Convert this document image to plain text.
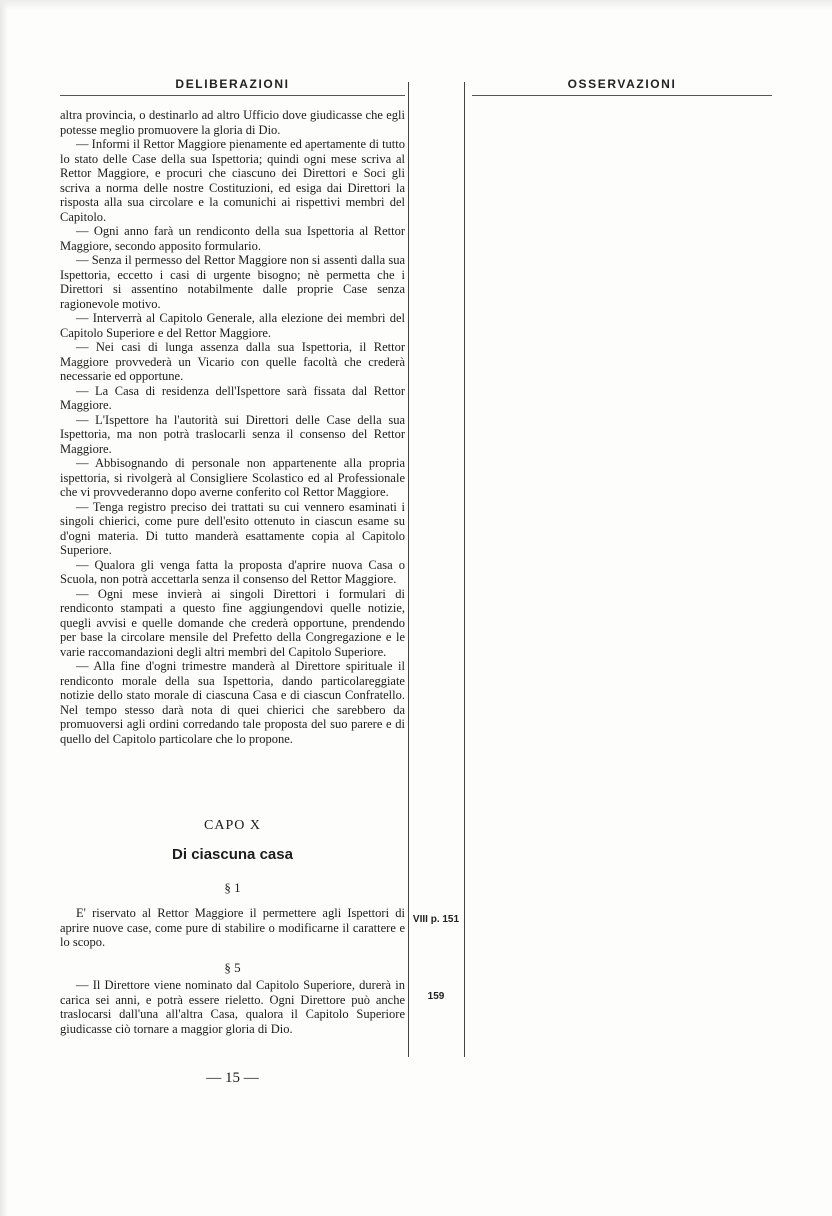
DELIBERAZIONI	OSSERVAZIONI

altra provincia, o destinarlo ad altro Ufficio dove giudicasse che egli potesse meglio promuovere la gloria di Dio.

— Informi il Rettor Maggiore pienamente ed apertamente di tutto lo stato delle Case della sua Ispettoria; quindi ogni mese scriva al Rettor Maggiore, e procuri che ciascuno dei Direttori e Soci gli scriva a norma delle nostre Costituzioni, ed esiga dai Direttori la risposta alla sua circolare e la comunichi ai rispettivi membri del Capitolo.

— Ogni anno farà un rendiconto della sua Ispettoria al Rettor Maggiore, secondo apposito formulario.

— Senza il permesso del Rettor Maggiore non si assenti dalla sua Ispettoria, eccetto i casi di urgente bisogno; nè permetta che i Direttori si assentino notabilmente dalle proprie Case senza ragionevole motivo.

— Interverrà al Capitolo Generale, alla elezione dei membri del Capitolo Superiore e del Rettor Maggiore.

— Nei casi di lunga assenza dalla sua Ispettoria, il Rettor Maggiore provvederà un Vicario con quelle facoltà che crederà necessarie ed opportune.

— La Casa di residenza dell'Ispettore sarà fissata dal Rettor Maggiore.

— L'Ispettore ha l'autorità sui Direttori delle Case della sua Ispettoria, ma non potrà traslocarli senza il consenso del Rettor Maggiore.

— Abbisognando di personale non appartenente alla propria ispettoria, si rivolgerà al Consigliere Scolastico ed al Professionale che vi provvederanno dopo averne conferito col Rettor Maggiore.

— Tenga registro preciso dei trattati su cui vennero esaminati i singoli chierici, come pure dell'esito ottenuto in ciascun esame su d'ogni materia. Di tutto manderà esattamente copia al Capitolo Superiore.

— Qualora gli venga fatta la proposta d'aprire nuova Casa o Scuola, non potrà accettarla senza il consenso del Rettor Maggiore.

— Ogni mese invierà ai singoli Direttori i formulari di rendiconto stampati a questo fine aggiungendovi quelle notizie, quegli avvisi e quelle domande che crederà opportune, prendendo per base la circolare mensile del Prefetto della Congregazione e le varie raccomandazioni degli altri membri del Capitolo Superiore.

— Alla fine d'ogni trimestre manderà al Direttore spirituale il rendiconto morale della sua Ispettoria, dando particolareggiate notizie dello stato morale di ciascuna Casa e di ciascun Confratello. Nel tempo stesso darà nota di quei chierici che sarebbero da promuoversi agli ordini corredando tale proposta del suo parere e di quello del Capitolo particolare che lo propone.

CAPO X
Di ciascuna casa
§ 1

E' riservato al Rettor Maggiore il permettere agli Ispettori di aprire nuove case, come pure di stabilire o modificarne il carattere e lo scopo.

VIII p. 151
§ 5

— Il Direttore viene nominato dal Capitolo Superiore, durerà in carica sei anni, e potrà essere rieletto. Ogni Direttore può anche traslocarsi dall'una all'altra Casa, qualora il Capitolo Superiore giudicasse ciò tornare a maggior gloria di Dio.

159
— 15 —
